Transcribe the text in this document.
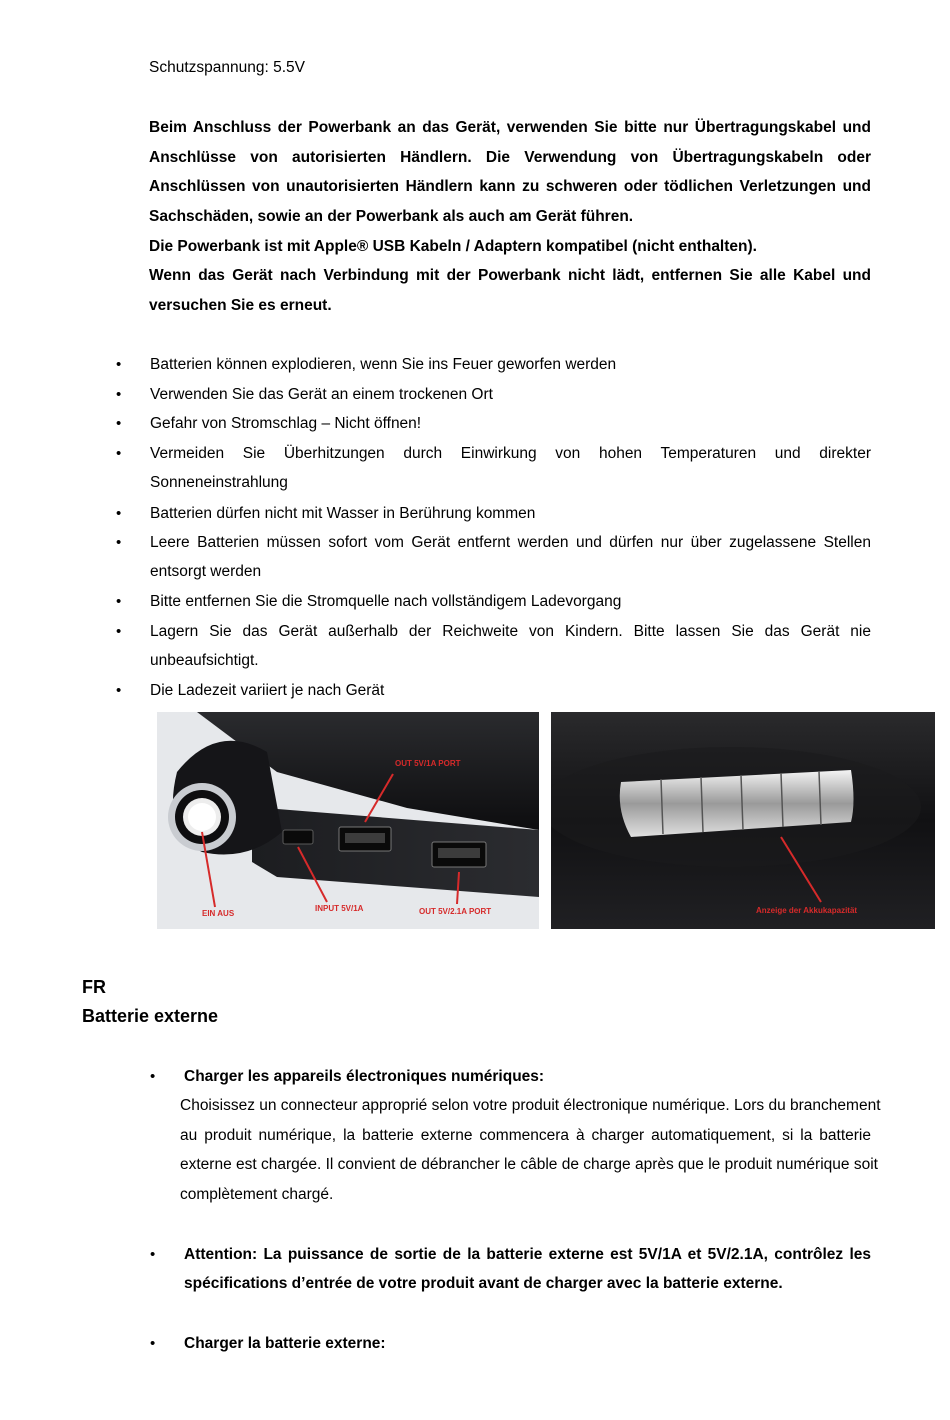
Schutzspannung: 5.5V
Beim Anschluss der Powerbank an das Gerät, verwenden Sie bitte nur Übertragungskabel und
Anschlüsse von autorisierten Händlern. Die Verwendung von Übertragungskabeln oder
Anschlüssen von unautorisierten Händlern kann zu schweren oder tödlichen Verletzungen und
Sachschäden, sowie an der Powerbank als auch am Gerät führen.
Die Powerbank ist mit Apple® USB Kabeln / Adaptern kompatibel (nicht enthalten).
Wenn das Gerät nach Verbindung mit der Powerbank nicht lädt, entfernen Sie alle Kabel und
versuchen Sie es erneut.
• Batterien können explodieren, wenn Sie ins Feuer geworfen werden
• Verwenden Sie das Gerät an einem trockenen Ort
• Gefahr von Stromschlag – Nicht öffnen!
• Vermeiden Sie Überhitzungen durch Einwirkung von hohen Temperaturen und direkter
Sonneneinstrahlung
• Batterien dürfen nicht mit Wasser in Berührung kommen
• Leere Batterien müssen sofort vom Gerät entfernt werden und dürfen nur über zugelassene Stellen
entsorgt werden
• Bitte entfernen Sie die Stromquelle nach vollständigem Ladevorgang
• Lagern Sie das Gerät außerhalb der Reichweite von Kindern. Bitte lassen Sie das Gerät nie
unbeaufsichtigt.
• Die Ladezeit variiert je nach Gerät
EIN AUS
INPUT 5V/1A
OUT 5V/1A PORT
OUT 5V/2.1A PORT	Anzeige der Akkukapazität
FR
Batterie externe
• Charger les appareils électroniques numériques:
Choisissez un connecteur approprié selon votre produit électronique numérique. Lors du branchement
au produit numérique, la batterie externe commencera à charger automatiquement, si la batterie
externe est chargée. Il convient de débrancher le câble de charge après que le produit numérique soit
complètement chargé.
• Attention: La puissance de sortie de la batterie externe est 5V/1A et 5V/2.1A, contrôlez les
spécifications d’entrée de votre produit avant de charger avec la batterie externe.
• Charger la batterie externe:
